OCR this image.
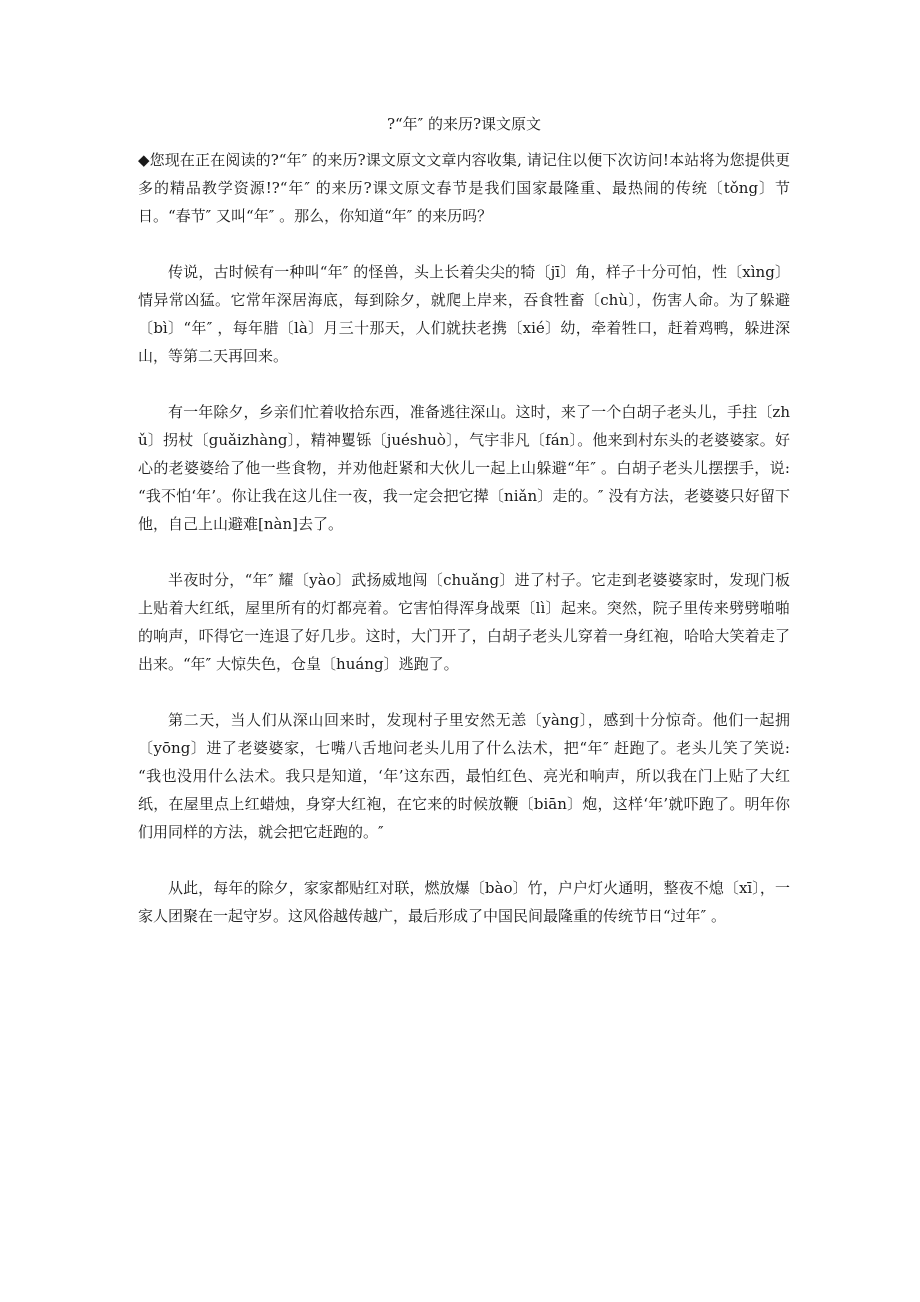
?“年″ 的来历?课文原文

◆您现在正在阅读的?“年″ 的来历?课文原文文章内容收集, 请记住以便下次访问!本站将为您提供更多的精品教学资源!?“年″ 的来历?课文原文春节是我们国家最隆重、最热闹的传统〔tǒng〕节日。“春节″ 又叫“年″ 。那么，你知道“年″ 的来历吗？

传说，古时候有一种叫“年″ 的怪兽，头上长着尖尖的犄〔jī〕角，样子十分可怕，性〔xìng〕情异常凶猛。它常年深居海底，每到除夕，就爬上岸来，吞食牲畜〔chù〕，伤害人命。为了躲避〔bì〕“年″ ，每年腊〔là〕月三十那天，人们就扶老携〔xié〕幼，牵着牲口，赶着鸡鸭，躲进深山，等第二天再回来。

有一年除夕，乡亲们忙着收拾东西，准备逃往深山。这时，来了一个白胡子老头儿，手拄〔zhǔ〕拐杖〔guǎizhàng〕，精神矍铄〔juéshuò〕，气宇非凡〔fán〕。他来到村东头的老婆婆家。好心的老婆婆给了他一些食物，并劝他赶紧和大伙儿一起上山躲避“年″ 。白胡子老头儿摆摆手，说: “我不怕‘年’。你让我在这儿住一夜，我一定会把它撵〔niǎn〕走的。″ 没有方法，老婆婆只好留下他，自己上山避难[nàn]去了。

半夜时分，“年″ 耀〔yào〕武扬威地闯〔chuǎng〕进了村子。它走到老婆婆家时，发现门板上贴着大红纸，屋里所有的灯都亮着。它害怕得浑身战栗〔lì〕起来。突然，院子里传来劈劈啪啪的响声，吓得它一连退了好几步。这时，大门开了，白胡子老头儿穿着一身红袍，哈哈大笑着走了出来。“年″ 大惊失色，仓皇〔huáng〕逃跑了。

第二天，当人们从深山回来时，发现村子里安然无恙〔yàng〕，感到十分惊奇。他们一起拥〔yōng〕进了老婆婆家，七嘴八舌地问老头儿用了什么法术，把“年″ 赶跑了。老头儿笑了笑说: “我也没用什么法术。我只是知道，‘年’这东西，最怕红色、亮光和响声，所以我在门上贴了大红纸，在屋里点上红蜡烛，身穿大红袍，在它来的时候放鞭〔biān〕炮，这样‘年’就吓跑了。明年你们用同样的方法，就会把它赶跑的。″

从此，每年的除夕，家家都贴红对联，燃放爆〔bào〕竹，户户灯火通明，整夜不熄〔xī〕，一家人团聚在一起守岁。这风俗越传越广，最后形成了中国民间最隆重的传统节日“过年″ 。
